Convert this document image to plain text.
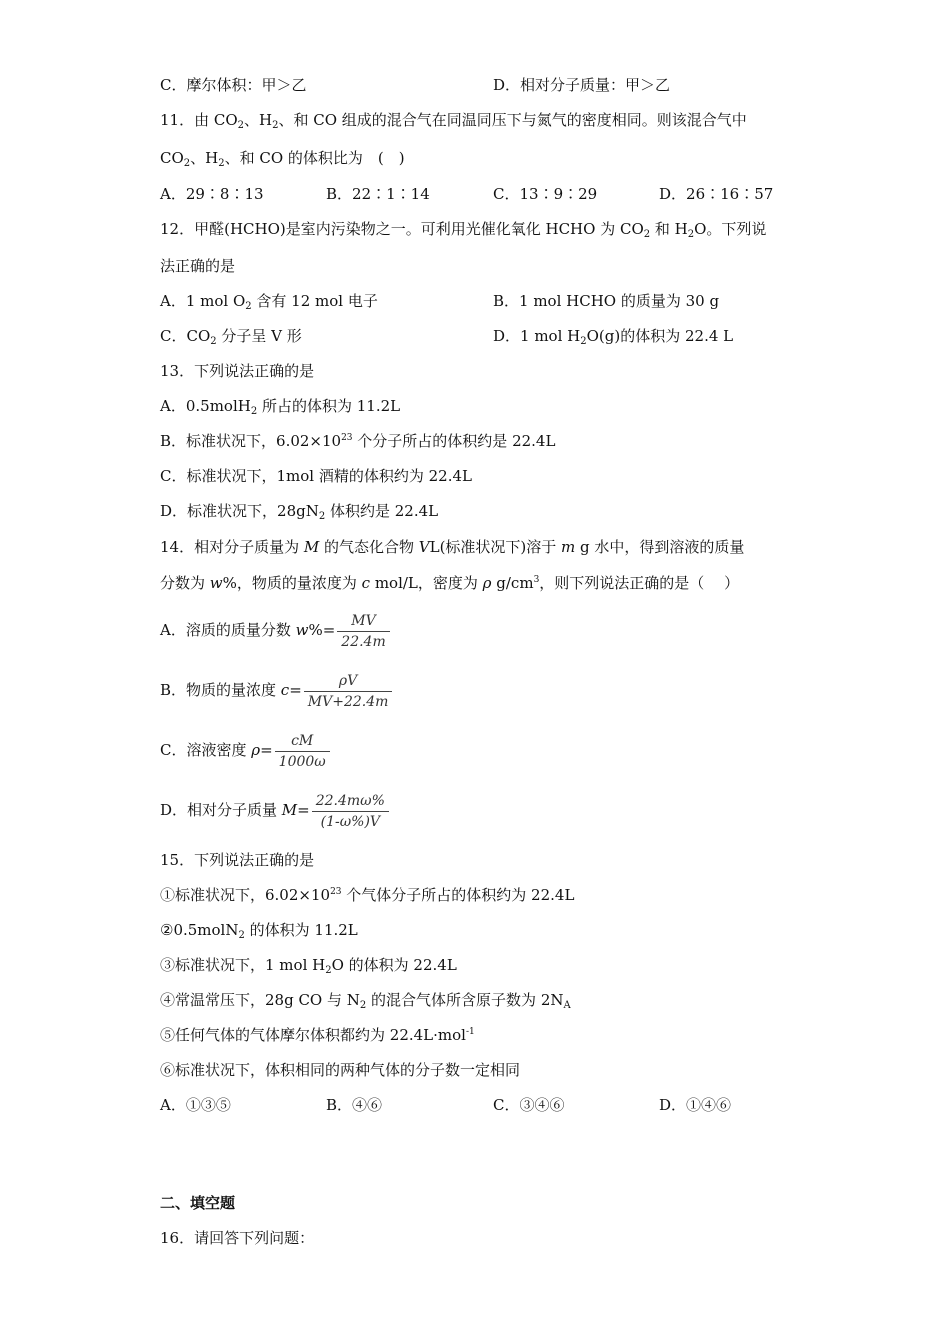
C．摩尔体积：甲＞乙	D．相对分子质量：甲＞乙
11．由 $CO_2$、$H_2$、和 CO 组成的混合气在同温同压下与氮气的密度相同。则该混合气中
$CO_2$、$H_2$、和 CO 的体积比为　(　)
A．29∶8∶13	B．22∶1∶14	C．13∶9∶29	D．26∶16∶57
12．甲醛(HCHO)是室内污染物之一。可利用光催化氧化 HCHO 为 $CO_2$ 和 $H_2O$。下列说
法正确的是
A．1 mol $O_2$ 含有 12 mol 电子	B．1 mol HCHO 的质量为 30 g
C．$CO_2$ 分子呈 V 形	D．1 mol $H_2O(g)$的体积为 22.4 L
13．下列说法正确的是
A．0.5molH$_2$ 所占的体积为 11.2L
B．标准状况下，$6.02\times 10^{23}$ 个分子所占的体积约是 22.4L
C．标准状况下，1mol 酒精的体积约为 22.4L
D．标准状况下，$28gN_2$ 体积约是 22.4L
14．相对分子质量为 M 的气态化合物 VL(标准状况下)溶于 m g 水中，得到溶液的质量
分数为 w%，物质的量浓度为 c mol/L，密度为 ρ $g/cm^3$，则下列说法正确的是（　 ）
A．溶质的质量分数 $w\%= \frac{MV}{22.4m}$
B．物质的量浓度 $c= \frac{\rho V}{MV+22.4m}$
C．溶液密度 $\rho= \frac{cM}{1000\omega}$
D．相对分子质量 $M= \frac{22.4m\omega\%}{(1-\omega\%)V}$
15．下列说法正确的是
①标准状况下，$6.02\times 10^{23}$ 个气体分子所占的体积约为 22.4L
②0.5molN$_2$ 的体积为 11.2L
③标准状况下，1 mol $H_2O$ 的体积为 22.4L
④常温常压下，28g CO 与 $N_2$ 的混合气体所含原子数为 $2N_A$
⑤任何气体的气体摩尔体积都约为 22.4L·mol$^{-1}$
⑥标准状况下，体积相同的两种气体的分子数一定相同
A．①③⑤	B．④⑥	C．③④⑥	D．①④⑥
二、填空题
16．请回答下列问题：
